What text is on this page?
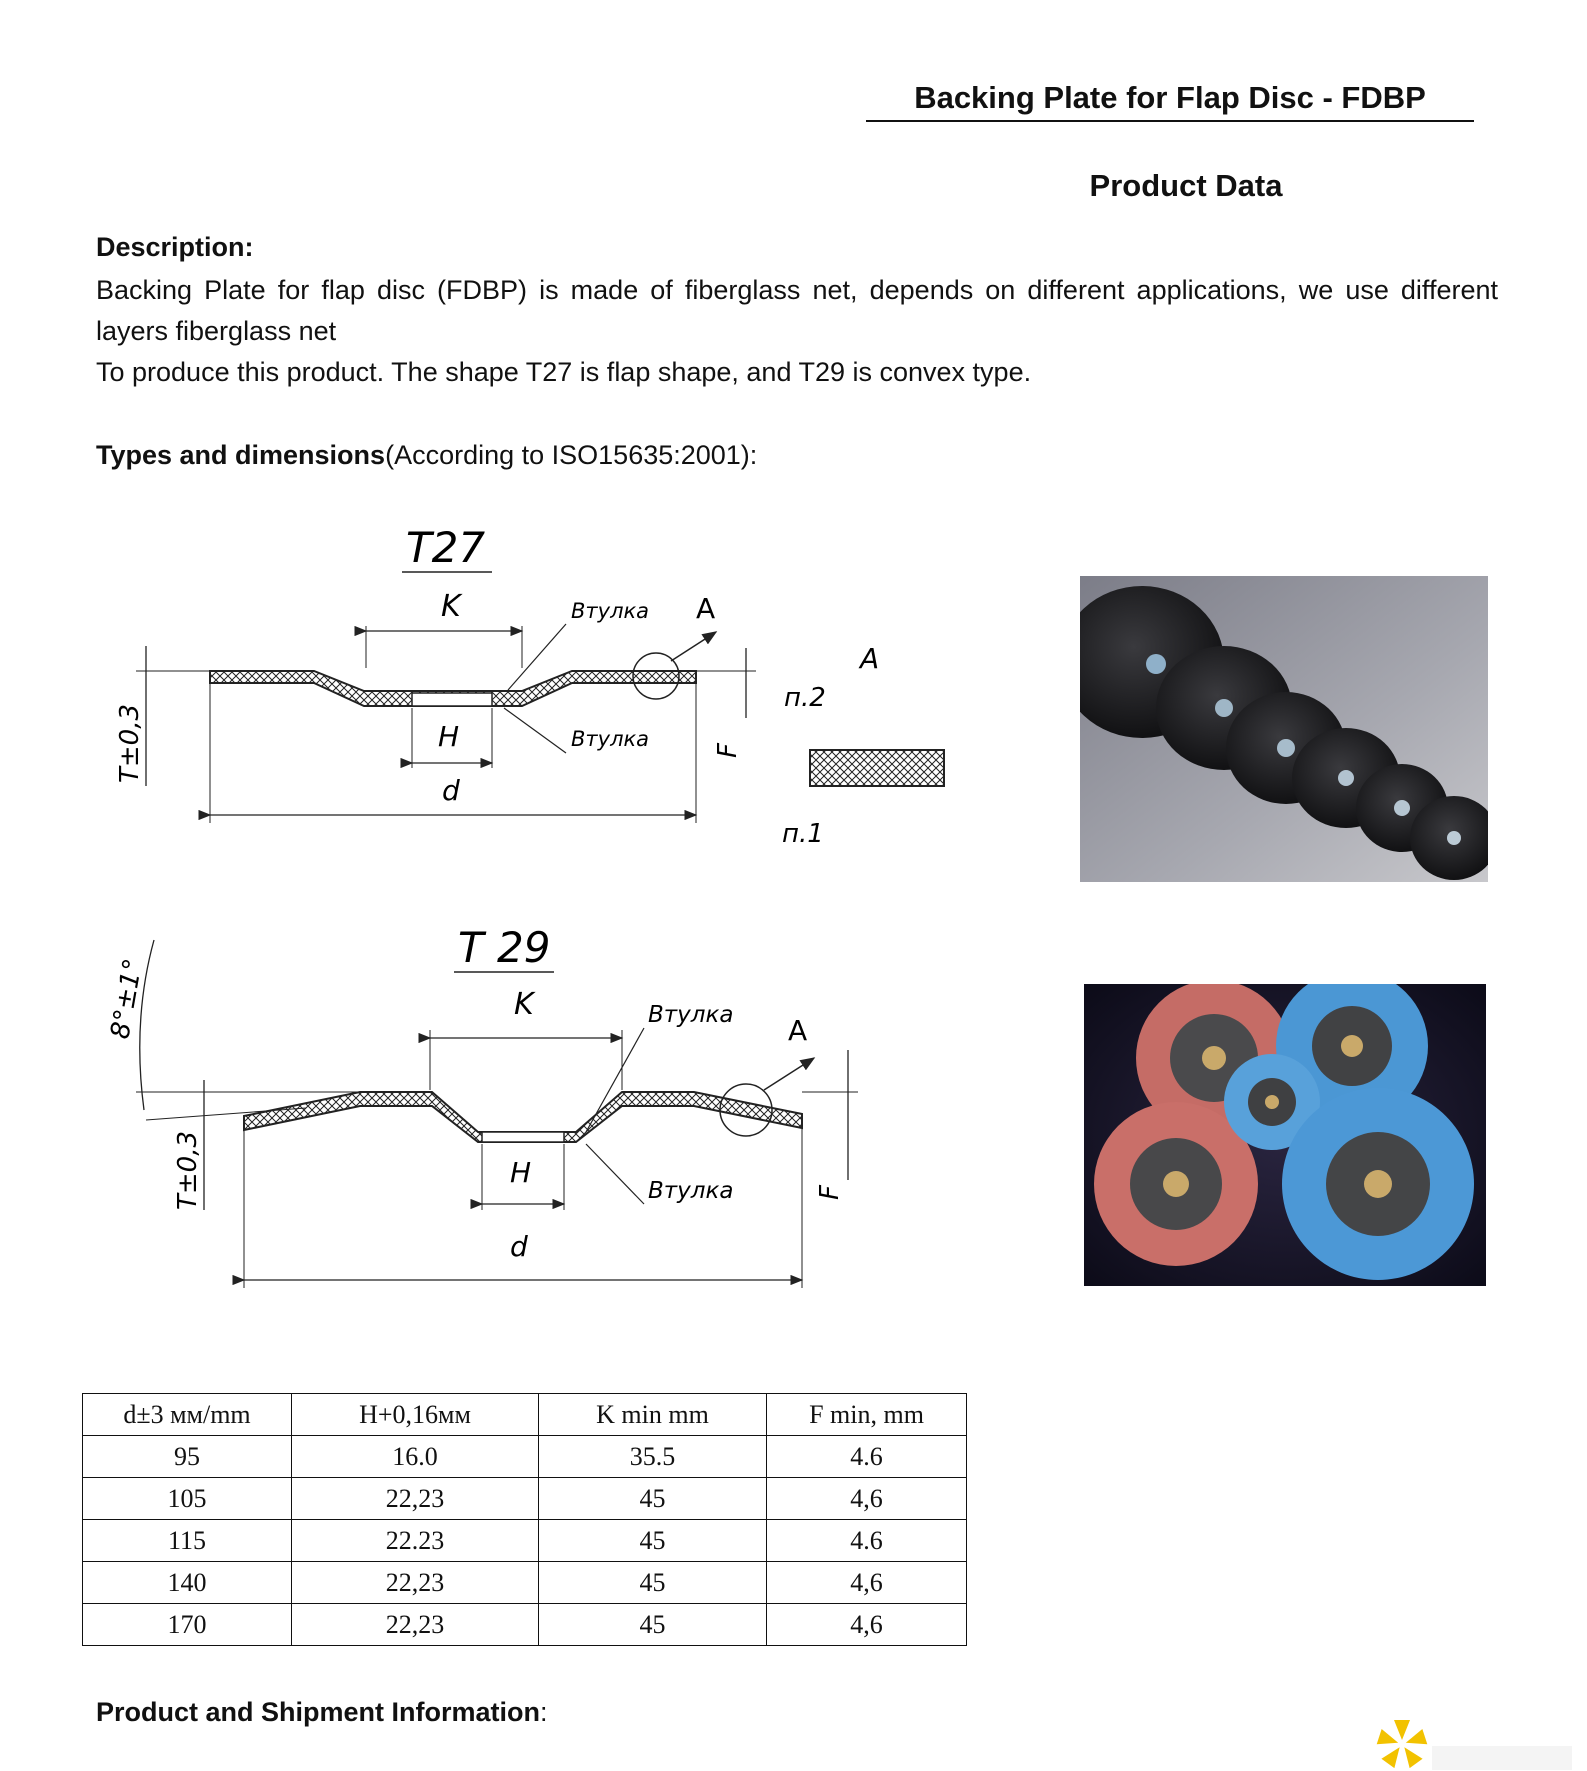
Backing Plate for Flap Disc - FDBP
Product Data
Description:
Backing Plate for flap disc (FDBP) is made of fiberglass net, depends on different applications, we use different layers fiberglass net
To produce this product. The shape T27 is flap shape, and T29 is convex type.
Types and dimensions(According to ISO15635:2001):
T27
A
K
H
d
T±0,3	F
Втулка
Втулка
A
п.2
п.1
T 29
A
K
H
d
T±0,3
8°±1°
F
Втулка
Втулка
d±3 мм/mm	H+0,16мм	K min mm	F min, mm
95	16.0	35.5	4.6
105	22,23	45	4,6
115	22.23	45	4.6
140	22,23	45	4,6
170	22,23	45	4,6
Product and Shipment Information:
